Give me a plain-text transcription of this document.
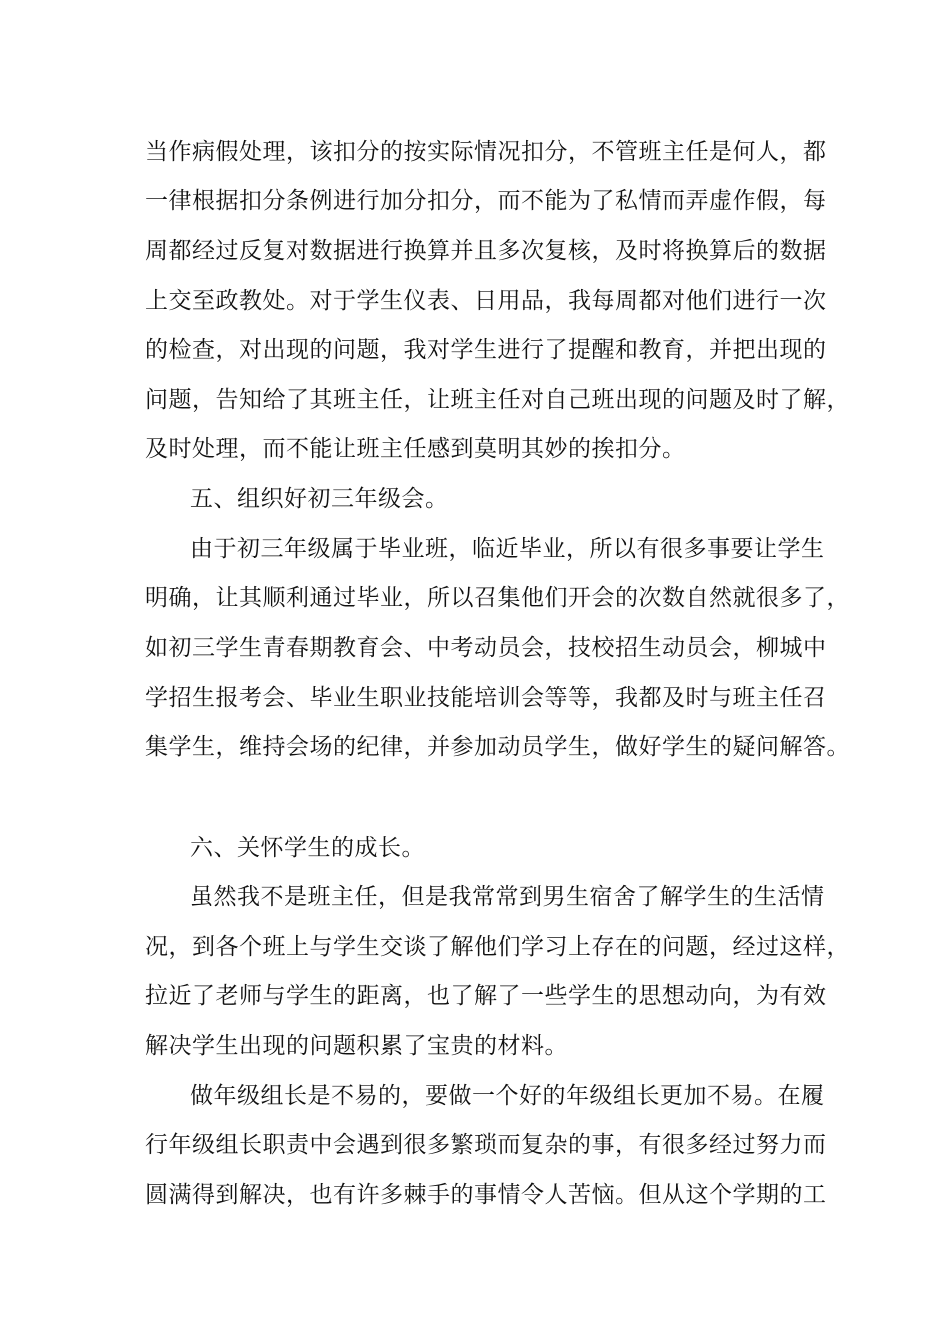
当作病假处理，该扣分的按实际情况扣分，不管班主任是何人，都
一律根据扣分条例进行加分扣分，而不能为了私情而弄虚作假，每
周都经过反复对数据进行换算并且多次复核，及时将换算后的数据
上交至政教处。对于学生仪表、日用品，我每周都对他们进行一次
的检查，对出现的问题，我对学生进行了提醒和教育，并把出现的
问题，告知给了其班主任，让班主任对自己班出现的问题及时了解，
及时处理，而不能让班主任感到莫明其妙的挨扣分。
五、组织好初三年级会。
由于初三年级属于毕业班，临近毕业，所以有很多事要让学生
明确，让其顺利通过毕业，所以召集他们开会的次数自然就很多了，
如初三学生青春期教育会、中考动员会，技校招生动员会，柳城中
学招生报考会、毕业生职业技能培训会等等，我都及时与班主任召
集学生，维持会场的纪律，并参加动员学生，做好学生的疑问解答。
六、关怀学生的成长。
虽然我不是班主任，但是我常常到男生宿舍了解学生的生活情
况，到各个班上与学生交谈了解他们学习上存在的问题，经过这样，
拉近了老师与学生的距离，也了解了一些学生的思想动向，为有效
解决学生出现的问题积累了宝贵的材料。
做年级组长是不易的，要做一个好的年级组长更加不易。在履
行年级组长职责中会遇到很多繁琐而复杂的事，有很多经过努力而
圆满得到解决，也有许多棘手的事情令人苦恼。但从这个学期的工
